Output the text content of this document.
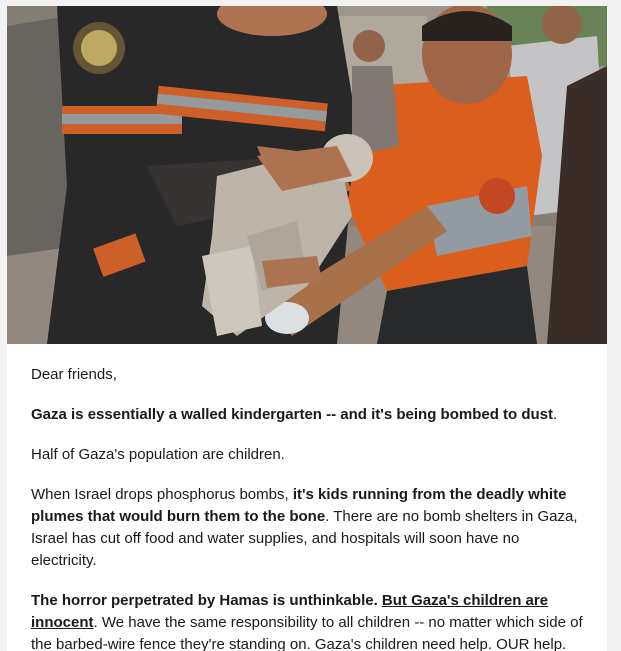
Dear friends,

Gaza is essentially a walled kindergarten -- and it's being bombed to dust.

Half of Gaza's population are children.

When Israel drops phosphorus bombs, it's kids running from the deadly white plumes that would burn them to the bone. There are no bomb shelters in Gaza, Israel has cut off food and water supplies, and hospitals will soon have no electricity.

The horror perpetrated by Hamas is unthinkable. But Gaza's children are innocent. We have the same responsibility to all children -- no matter which side of the barbed-wire fence they're standing on. Gaza's children need help. OUR help.
